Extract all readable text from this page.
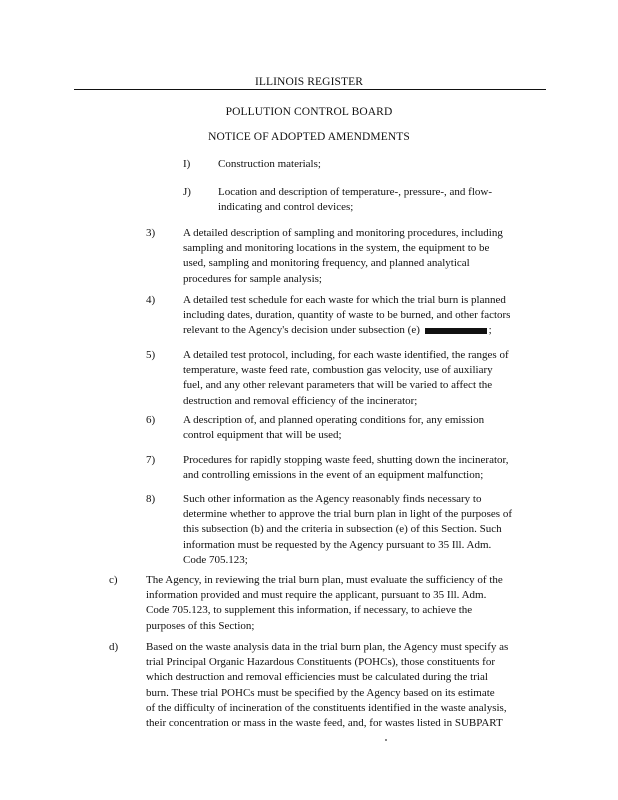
ILLINOIS REGISTER
POLLUTION CONTROL BOARD
NOTICE OF ADOPTED AMENDMENTS
I)	Construction materials;
J) Location and description of temperature-, pressure-, and flow-
indicating and control devices;
3)	A detailed description of sampling and monitoring procedures, including
sampling and monitoring locations in the system, the equipment to be
used, sampling and monitoring frequency, and planned analytical
procedures for sample analysis;
4)	A detailed test schedule for each waste for which the trial burn is planned
including dates, duration, quantity of waste to be burned, and other factors
relevant to the Agency's decision under subsection (e)	;
5)	A detailed test protocol, including, for each waste identified, the ranges of
temperature, waste feed rate, combustion gas velocity, use of auxiliary
fuel, and any other relevant parameters that will be varied to affect the
destruction and removal efficiency of the incinerator;
6)	A description of, and planned operating conditions for, any emission
control equipment that will be used;
7)	Procedures for rapidly stopping waste feed, shutting down the incinerator,
and controlling emissions in the event of an equipment malfunction;
8)	Such other information as the Agency reasonably finds necessary to
determine whether to approve the trial burn plan in light of the purposes of
this subsection (b) and the criteria in subsection (e) of this Section. Such
information must be requested by the Agency pursuant to 35 Ill. Adm.
Code 705.123;
c)	The Agency, in reviewing the trial burn plan, must evaluate the sufficiency of the
information provided and must require the applicant, pursuant to 35 Ill. Adm.
Code 705.123, to supplement this information, if necessary, to achieve the
purposes of this Section;
d)	Based on the waste analysis data in the trial burn plan, the Agency must specify as
trial Principal Organic Hazardous Constituents (POHCs), those constituents for
which destruction and removal efficiencies must be calculated during the trial
burn. These trial POHCs must be specified by the Agency based on its estimate
of the difficulty of incineration of the constituents identified in the waste analysis,
their concentration or mass in the waste feed, and, for wastes listed in SUBPART
